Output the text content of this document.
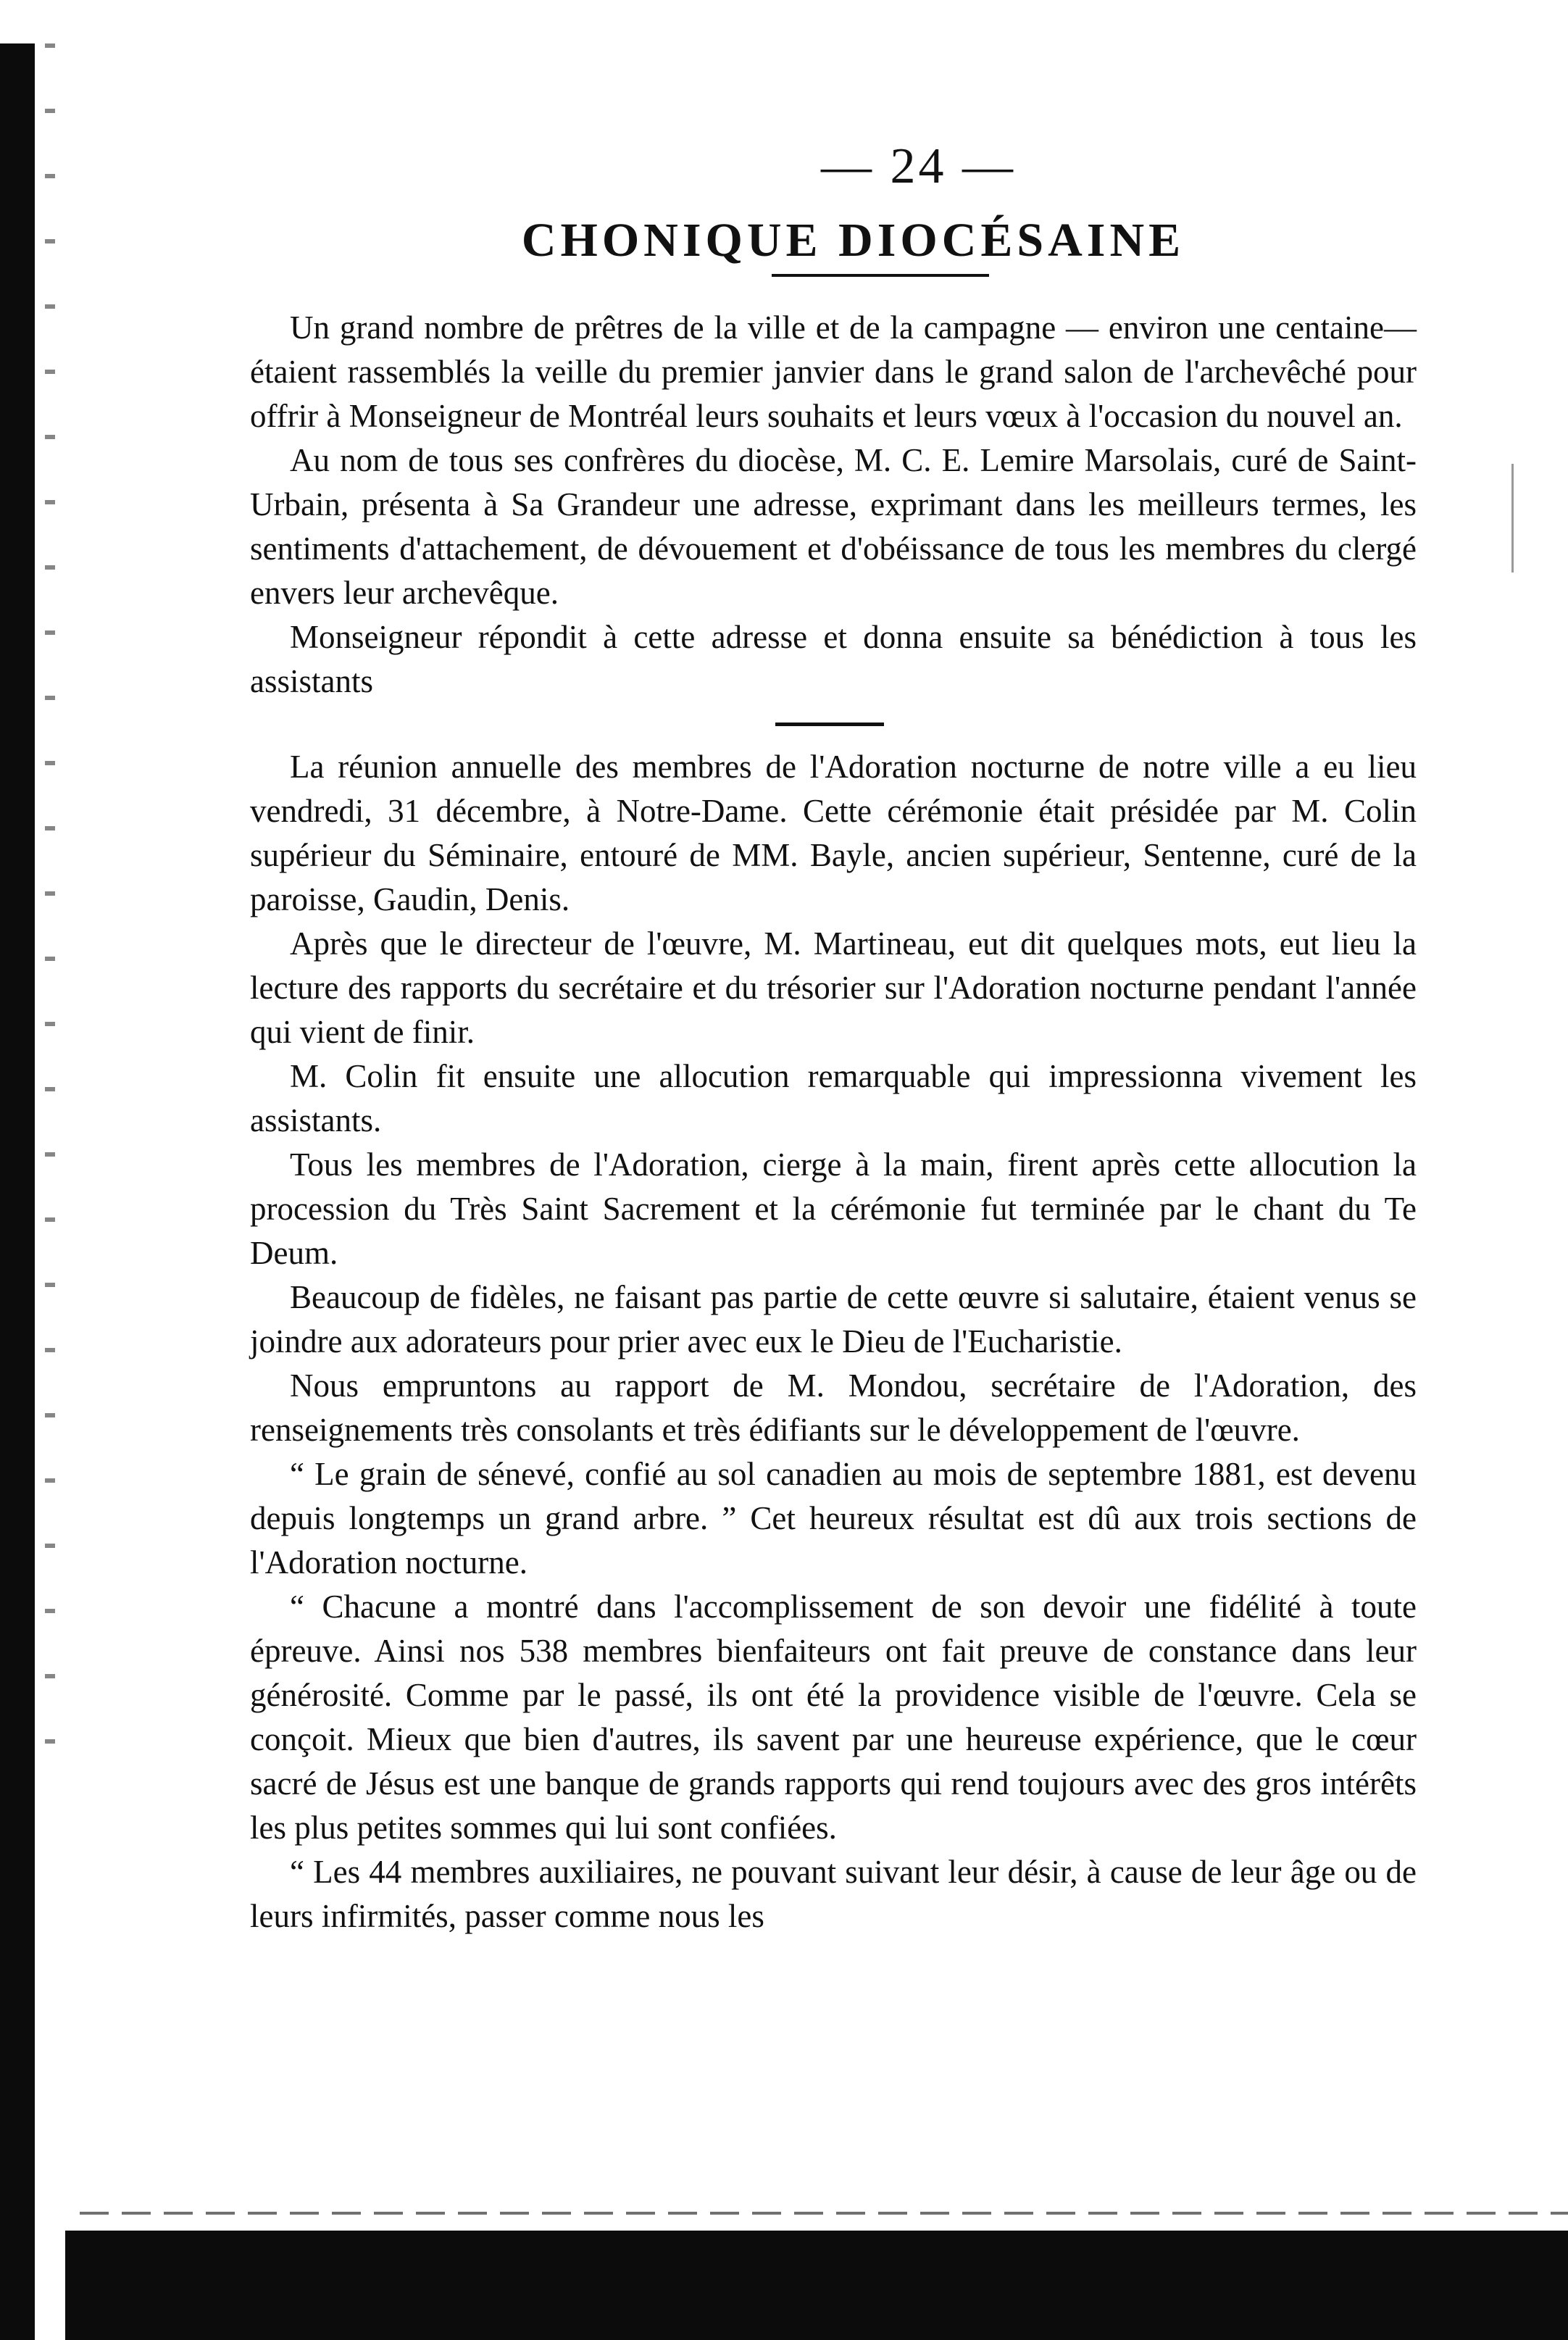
— 24 —
CHONIQUE DIOCÉSAINE

Un grand nombre de prêtres de la ville et de la campagne — environ une centaine—étaient rassemblés la veille du premier janvier dans le grand salon de l'archevêché pour offrir à Monseigneur de Montréal leurs souhaits et leurs vœux à l'occasion du nouvel an.

Au nom de tous ses confrères du diocèse, M. C. E. Lemire Marsolais, curé de Saint-Urbain, présenta à Sa Grandeur une adresse, exprimant dans les meilleurs termes, les sentiments d'attachement, de dévouement et d'obéissance de tous les membres du clergé envers leur archevêque.

Monseigneur répondit à cette adresse et donna ensuite sa bénédiction à tous les assistants

La réunion annuelle des membres de l'Adoration nocturne de notre ville a eu lieu vendredi, 31 décembre, à Notre-Dame. Cette cérémonie était présidée par M. Colin supérieur du Séminaire, entouré de MM. Bayle, ancien supérieur, Sentenne, curé de la paroisse, Gaudin, Denis.

Après que le directeur de l'œuvre, M. Martineau, eut dit quelques mots, eut lieu la lecture des rapports du secrétaire et du trésorier sur l'Adoration nocturne pendant l'année qui vient de finir.

M. Colin fit ensuite une allocution remarquable qui impressionna vivement les assistants.

Tous les membres de l'Adoration, cierge à la main, firent après cette allocution la procession du Très Saint Sacrement et la cérémonie fut terminée par le chant du Te Deum.

Beaucoup de fidèles, ne faisant pas partie de cette œuvre si salutaire, étaient venus se joindre aux adorateurs pour prier avec eux le Dieu de l'Eucharistie.

Nous empruntons au rapport de M. Mondou, secrétaire de l'Adoration, des renseignements très consolants et très édifiants sur le développement de l'œuvre.

“ Le grain de sénevé, confié au sol canadien au mois de septembre 1881, est devenu depuis longtemps un grand arbre. ” Cet heureux résultat est dû aux trois sections de l'Adoration nocturne.

“ Chacune a montré dans l'accomplissement de son devoir une fidélité à toute épreuve. Ainsi nos 538 membres bienfaiteurs ont fait preuve de constance dans leur générosité. Comme par le passé, ils ont été la providence visible de l'œuvre. Cela se conçoit. Mieux que bien d'autres, ils savent par une heureuse expérience, que le cœur sacré de Jésus est une banque de grands rapports qui rend toujours avec des gros intérêts les plus petites sommes qui lui sont confiées.

“ Les 44 membres auxiliaires, ne pouvant suivant leur désir, à cause de leur âge ou de leurs infirmités, passer comme nous les
